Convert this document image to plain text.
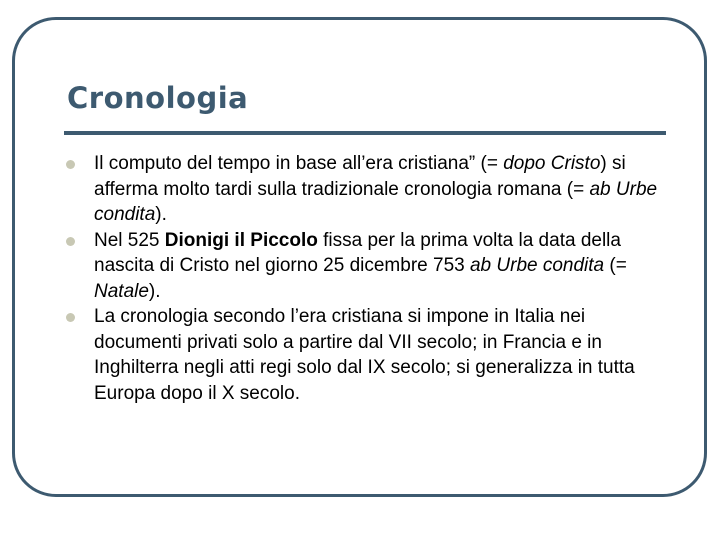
Cronologia
Il computo del tempo in base all’era cristiana” (= dopo Cristo) si afferma molto tardi sulla tradizionale cronologia romana (= ab Urbe condita).
Nel 525 Dionigi il Piccolo fissa per la prima volta la data della nascita di Cristo nel giorno 25 dicembre 753 ab Urbe condita (= Natale).
La cronologia secondo l’era cristiana si impone in Italia nei documenti privati solo a partire dal VII secolo; in Francia e in Inghilterra negli atti regi solo dal IX secolo; si generalizza in tutta Europa dopo il X secolo.
